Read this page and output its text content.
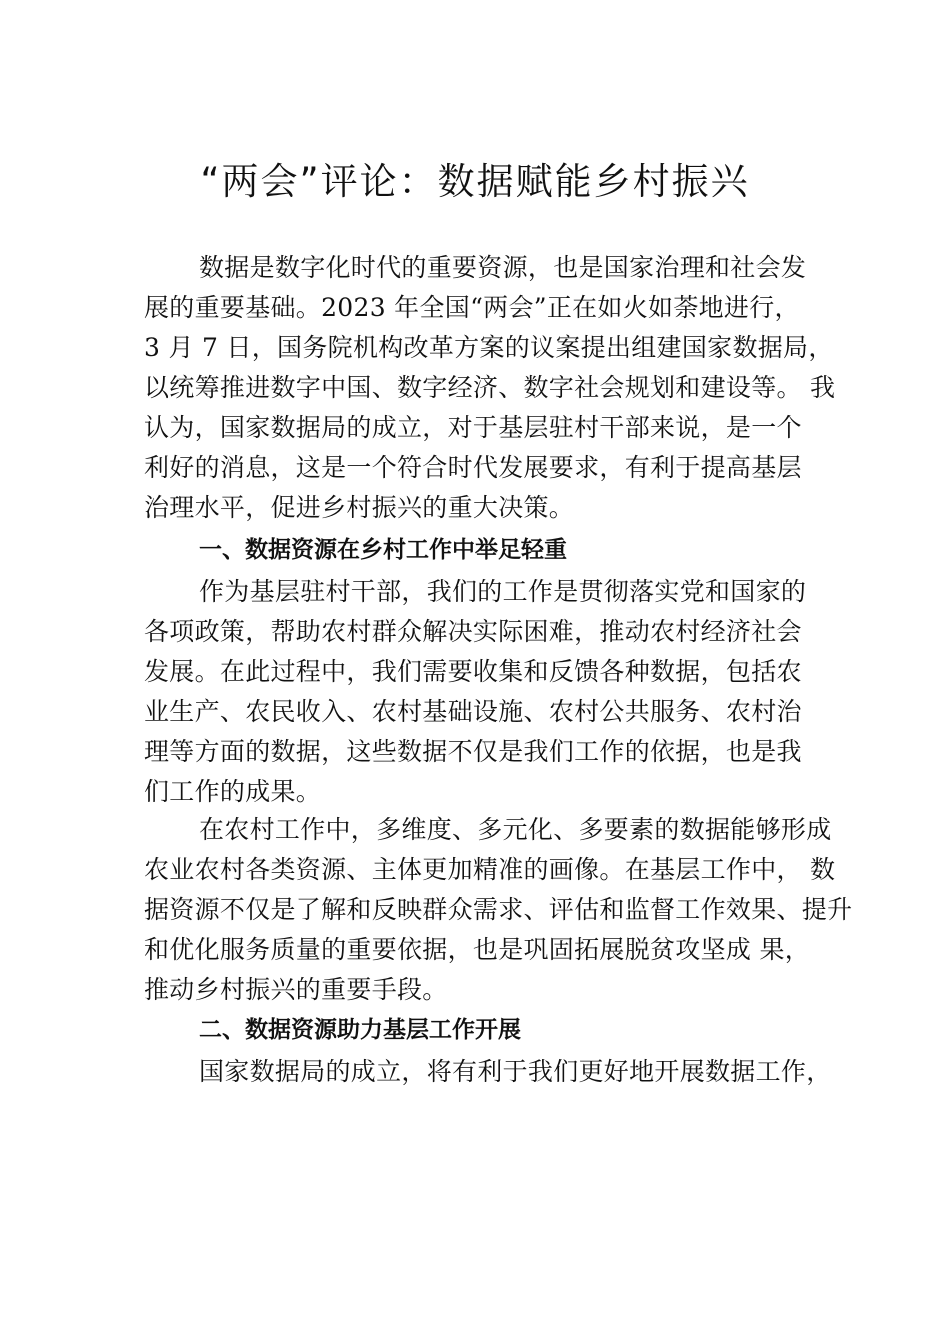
“两会”评论：数据赋能乡村振兴
数据是数字化时代的重要资源，也是国家治理和社会发
展的重要基础。2023 年全国“两会”正在如火如荼地进行，
3 月 7 日，国务院机构改革方案的议案提出组建国家数据局，
以统筹推进数字中国、数字经济、数字社会规划和建设等。 我
认为，国家数据局的成立，对于基层驻村干部来说，是一个
利好的消息，这是一个符合时代发展要求，有利于提高基层
治理水平，促进乡村振兴的重大决策。
一、数据资源在乡村工作中举足轻重
作为基层驻村干部，我们的工作是贯彻落实党和国家的
各项政策，帮助农村群众解决实际困难，推动农村经济社会
发展。在此过程中，我们需要收集和反馈各种数据，包括农
业生产、农民收入、农村基础设施、农村公共服务、农村治
理等方面的数据，这些数据不仅是我们工作的依据，也是我
们工作的成果。
在农村工作中，多维度、多元化、多要素的数据能够形成
农业农村各类资源、主体更加精准的画像。在基层工作中， 数
据资源不仅是了解和反映群众需求、评估和监督工作效果、提升
和优化服务质量的重要依据，也是巩固拓展脱贫攻坚成 果，
推动乡村振兴的重要手段。
二、数据资源助力基层工作开展
国家数据局的成立，将有利于我们更好地开展数据工作，
